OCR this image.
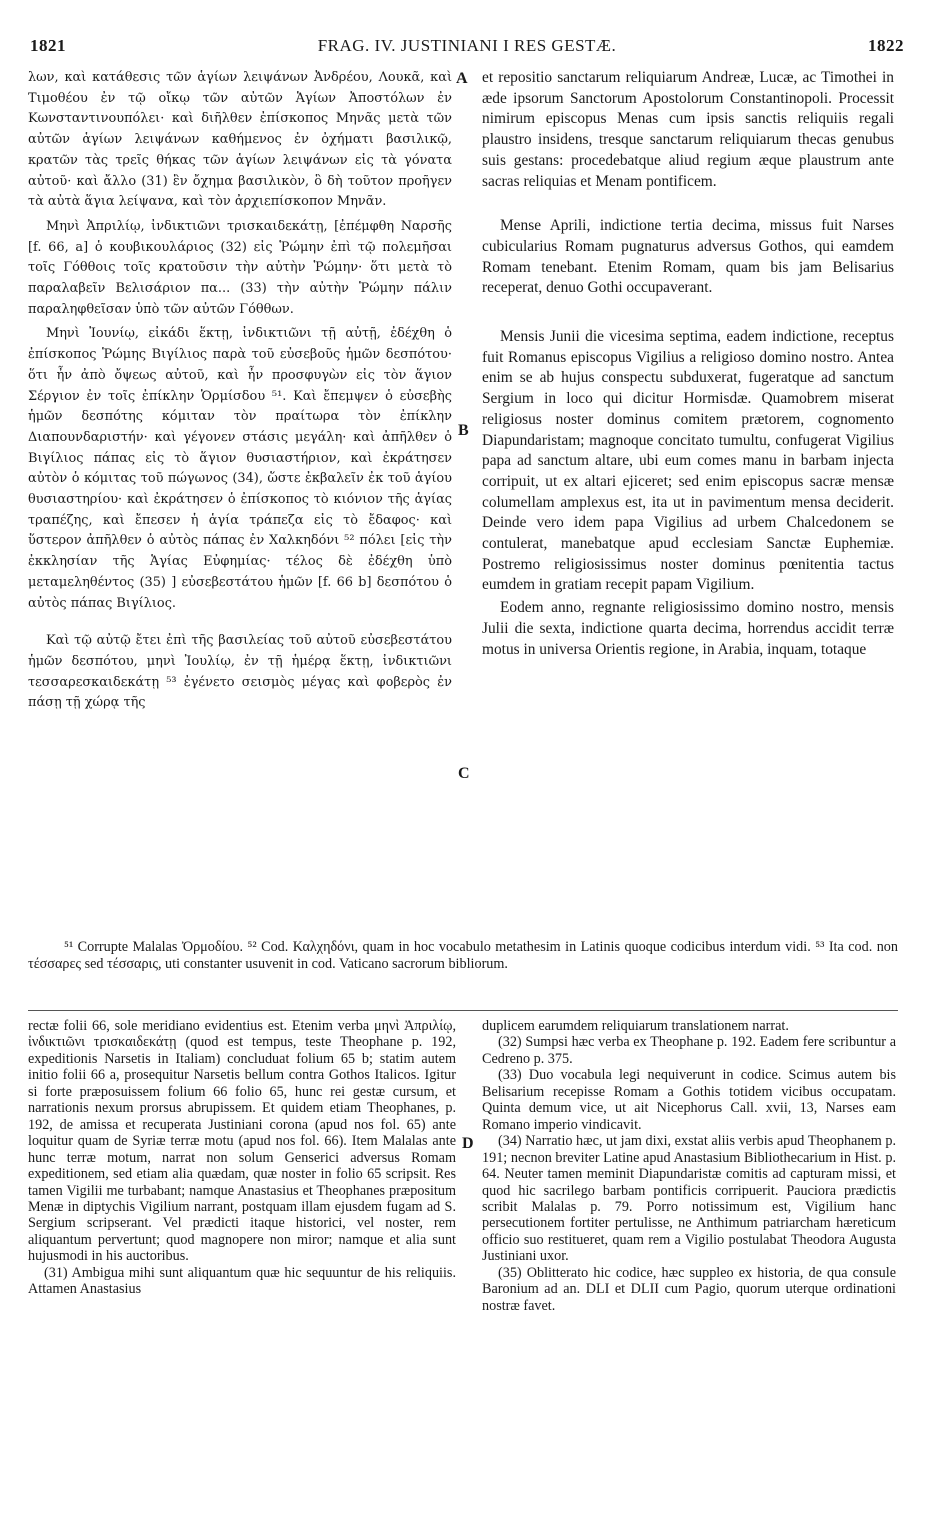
1821	FRAG. IV. JUSTINIANI I RES GESTÆ.	1822
A
B
C
D

λων, καὶ κατάθεσις τῶν ἁγίων λειψάνων Ἀνδρέου, Λουκᾶ, καὶ Τιμοθέου ἐν τῷ οἴκῳ τῶν αὐτῶν Ἁγίων Ἀποστόλων ἐν Κωνσταντινουπόλει· καὶ διῆλθεν ἐπίσκοπος Μηνᾶς μετὰ τῶν αὐτῶν ἁγίων λειψάνων καθήμενος ἐν ὀχήματι βασιλικῷ, κρατῶν τὰς τρεῖς θήκας τῶν ἁγίων λειψάνων εἰς τὰ γόνατα αὐτοῦ· καὶ ἄλλο (31) ἓν ὄχημα βασιλικὸν, ὃ δὴ τοῦτον προῆγεν τὰ αὐτὰ ἅγια λείψανα, καὶ τὸν ἀρχιεπίσκοπον Μηνᾶν.

Μηνὶ Ἀπριλίῳ, ἰνδικτιῶνι τρισκαιδεκάτῃ, [ἐπέμφθη Ναρσῆς [f. 66, a] ὁ κουβικουλάριος (32) εἰς Ῥώμην ἐπὶ τῷ πολεμῆσαι τοῖς Γόθθοις τοῖς κρατοῦσιν τὴν αὐτὴν Ῥώμην· ὅτι μετὰ τὸ παραλαβεῖν Βελισάριον πα... (33) τὴν αὐτὴν Ῥώμην πάλιν παραληφθεῖσαν ὑπὸ τῶν αὐτῶν Γόθθων.

Μηνὶ Ἰουνίῳ, εἰκάδι ἕκτῃ, ἰνδικτιῶνι τῇ αὐτῇ, ἐδέχθη ὁ ἐπίσκοπος Ῥώμης Βιγίλιος παρὰ τοῦ εὐσεβοῦς ἡμῶν δεσπότου· ὅτι ἦν ἀπὸ ὄψεως αὐτοῦ, καὶ ἦν προσφυγὼν εἰς τὸν ἅγιον Σέργιον ἐν τοῖς ἐπίκλην Ὁρμίσδου ⁵¹. Καὶ ἔπεμψεν ὁ εὐσεβὴς ἡμῶν δεσπότης κόμιταν τὸν πραίτωρα τὸν ἐπίκλην Διαπουνδαριστήν· καὶ γέγονεν στάσις μεγάλη· καὶ ἀπῆλθεν ὁ Βιγίλιος πάπας εἰς τὸ ἅγιον θυσιαστήριον, καὶ ἐκράτησεν αὐτὸν ὁ κόμιτας τοῦ πώγωνος (34), ὥστε ἐκβαλεῖν ἐκ τοῦ ἁγίου θυσιαστηρίου· καὶ ἐκράτησεν ὁ ἐπίσκοπος τὸ κιόνιον τῆς ἁγίας τραπέζης, καὶ ἔπεσεν ἡ ἁγία τράπεζα εἰς τὸ ἔδαφος· καὶ ὕστερον ἀπῆλθεν ὁ αὐτὸς πάπας ἐν Χαλκηδόνι ⁵² πόλει [εἰς τὴν ἐκκλησίαν τῆς Ἁγίας Εὐφημίας· τέλος δὲ ἐδέχθη ὑπὸ μεταμεληθέντος (35) ] εὐσεβεστάτου ἡμῶν [f. 66 b] δεσπότου ὁ αὐτὸς πάπας Βιγίλιος.

Καὶ τῷ αὐτῷ ἔτει ἐπὶ τῆς βασιλείας τοῦ αὐτοῦ εὐσεβεστάτου ἡμῶν δεσπότου, μηνὶ Ἰουλίῳ, ἐν τῇ ἡμέρᾳ ἕκτῃ, ἰνδικτιῶνι τεσσαρεσκαιδεκάτῃ ⁵³ ἐγένετο σεισμὸς μέγας καὶ φοβερὸς ἐν πάσῃ τῇ χώρᾳ τῆς

et repositio sanctarum reliquiarum Andreæ, Lucæ, ac Timothei in æde ipsorum Sanctorum Apostolorum Constantinopoli. Processit nimirum episcopus Menas cum ipsis sanctis reliquiis regali plaustro insidens, tresque sanctarum reliquiarum thecas genubus suis gestans: procedebatque aliud regium æque plaustrum ante sacras reliquias et Menam pontificem.

Mense Aprili, indictione tertia decima, missus fuit Narses cubicularius Romam pugnaturus adversus Gothos, qui eamdem Romam tenebant. Etenim Romam, quam bis jam Belisarius receperat, denuo Gothi occupaverant.

Mensis Junii die vicesima septima, eadem indictione, receptus fuit Romanus episcopus Vigilius a religioso domino nostro. Antea enim se ab hujus conspectu subduxerat, fugeratque ad sanctum Sergium in loco qui dicitur Hormisdæ. Quamobrem miserat religiosus noster dominus comitem prætorem, cognomento Diapundaristam; magnoque concitato tumultu, confugerat Vigilius papa ad sanctum altare, ubi eum comes manu in barbam injecta corripuit, ut ex altari ejiceret; sed enim episcopus sacræ mensæ columellam amplexus est, ita ut in pavimentum mensa deciderit. Deinde vero idem papa Vigilius ad urbem Chalcedonem se contulerat, manebatque apud ecclesiam Sanctæ Euphemiæ. Postremo religiosissimus noster dominus pœnitentia tactus eumdem in gratiam recepit papam Vigilium.

Eodem anno, regnante religiosissimo domino nostro, mensis Julii die sexta, indictione quarta decima, horrendus accidit terræ motus in universa Orientis regione, in Arabia, inquam, totaque

⁵¹ Corrupte Malalas Ὀρμοδίου. ⁵² Cod. Καλχηδόνι, quam in hoc vocabulo metathesim in Latinis quoque codicibus interdum vidi. ⁵³ Ita cod. non τέσσαρες sed τέσσαρις, uti constanter usuvenit in cod. Vaticano sacrorum bibliorum.

rectæ folii 66, sole meridiano evidentius est. Etenim verba μηνὶ Ἀπριλίῳ, ἰνδικτιῶνι τρισκαιδεκάτῃ (quod est tempus, teste Theophane p. 192, expeditionis Narsetis in Italiam) concluduat folium 65 b; statim autem initio folii 66 a, prosequitur Narsetis bellum contra Gothos Italicos. Igitur si forte præposuissem folium 66 folio 65, hunc rei gestæ cursum, et narrationis nexum prorsus abrupissem. Et quidem etiam Theophanes, p. 192, de amissa et recuperata Justiniani corona (apud nos fol. 65) ante loquitur quam de Syriæ terræ motu (apud nos fol. 66). Item Malalas ante hunc terræ motum, narrat non solum Genserici adversus Romam expeditionem, sed etiam alia quædam, quæ noster in folio 65 scripsit. Res tamen Vigilii me turbabant; namque Anastasius et Theophanes præpositum Menæ in diptychis Vigilium narrant, postquam illam ejusdem fugam ad S. Sergium scripserant. Vel prædicti itaque historici, vel noster, rem aliquantum pervertunt; quod magnopere non miror; namque et alia sunt hujusmodi in his auctoribus.

(31) Ambigua mihi sunt aliquantum quæ hic sequuntur de his reliquiis. Attamen Anastasius

duplicem earumdem reliquiarum translationem narrat.

(32) Sumpsi hæc verba ex Theophane p. 192. Eadem fere scribuntur a Cedreno p. 375.

(33) Duo vocabula legi nequiverunt in codice. Scimus autem bis Belisarium recepisse Romam a Gothis totidem vicibus occupatam. Quinta demum vice, ut ait Nicephorus Call. xvii, 13, Narses eam Romano imperio vindicavit.

(34) Narratio hæc, ut jam dixi, exstat aliis verbis apud Theophanem p. 191; necnon breviter Latine apud Anastasium Bibliothecarium in Hist. p. 64. Neuter tamen meminit Diapundaristæ comitis ad capturam missi, et quod hic sacrilego barbam pontificis corripuerit. Pauciora prædictis scribit Malalas p. 79. Porro notissimum est, Vigilium hanc persecutionem fortiter pertulisse, ne Anthimum patriarcham hæreticum officio suo restitueret, quam rem a Vigilio postulabat Theodora Augusta Justiniani uxor.

(35) Oblitterato hic codice, hæc suppleo ex historia, de qua consule Baronium ad an. DLI et DLII cum Pagio, quorum uterque ordinationi nostræ favet.
